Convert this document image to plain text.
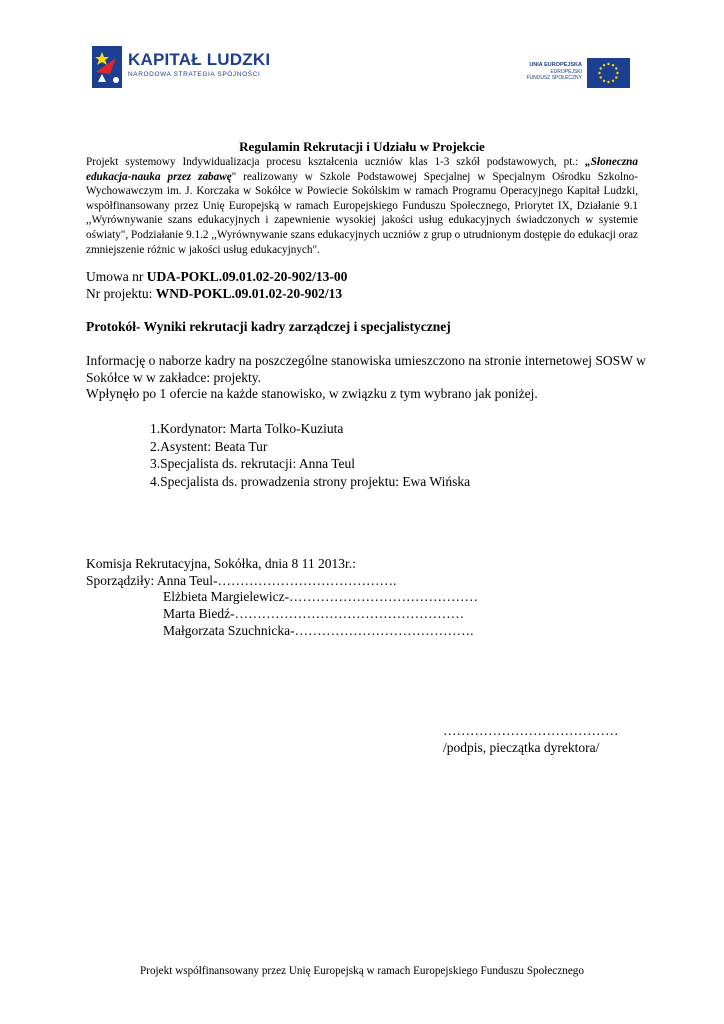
KAPITAŁ LUDZKI
NARODOWA STRATEGIA SPÓJNOŚCI
UNIA EUROPEJSKA
EUROPEJSKI
FUNDUSZ SPOŁECZNY
Regulamin Rekrutacji i Udziału w Projekcie
Projekt systemowy Indywidualizacja procesu kształcenia uczniów klas 1-3 szkół podstawowych, pt.: „Słoneczna edukacja-nauka przez zabawę" realizowany w Szkole Podstawowej Specjalnej w Specjalnym Ośrodku Szkolno-Wychowawczym im. J. Korczaka w Sokółce w Powiecie Sokólskim w ramach Programu Operacyjnego Kapitał Ludzki, współfinansowany przez Unię Europejską w ramach Europejskiego Funduszu Społecznego, Priorytet IX, Działanie 9.1 ,,Wyrównywanie szans edukacyjnych i zapewnienie wysokiej jakości usług edukacyjnych świadczonych w systemie oświaty", Podziałanie 9.1.2 ,,Wyrównywanie szans edukacyjnych uczniów z grup o utrudnionym dostępie do edukacji oraz zmniejszenie różnic w jakości usług edukacyjnych".
Umowa nr UDA-POKL.09.01.02-20-902/13-00
Nr projektu: WND-POKL.09.01.02-20-902/13
Protokół- Wyniki rekrutacji kadry zarządczej i specjalistycznej
Informację o naborze kadry na poszczególne stanowiska umieszczono na stronie internetowej SOSW w Sokółce w w zakładce: projekty.
Wpłynęło po 1 ofercie na każde stanowisko, w związku z tym wybrano jak poniżej.
1.Kordynator: Marta Tolko-Kuziuta
2.Asystent: Beata Tur
3.Specjalista ds. rekrutacji: Anna Teul
4.Specjalista ds. prowadzenia strony projektu: Ewa Wińska
Komisja Rekrutacyjna, Sokółka, dnia 8 11 2013r.:
Sporządziły: Anna Teul-………………………………….
Elżbieta Margielewicz-……………………………………
Marta Biedź-……………………………………………
Małgorzata Szuchnicka-………………………………….
…………………………………
/podpis, pieczątka dyrektora/
Projekt współfinansowany przez Unię Europejską w ramach Europejskiego Funduszu Społecznego
